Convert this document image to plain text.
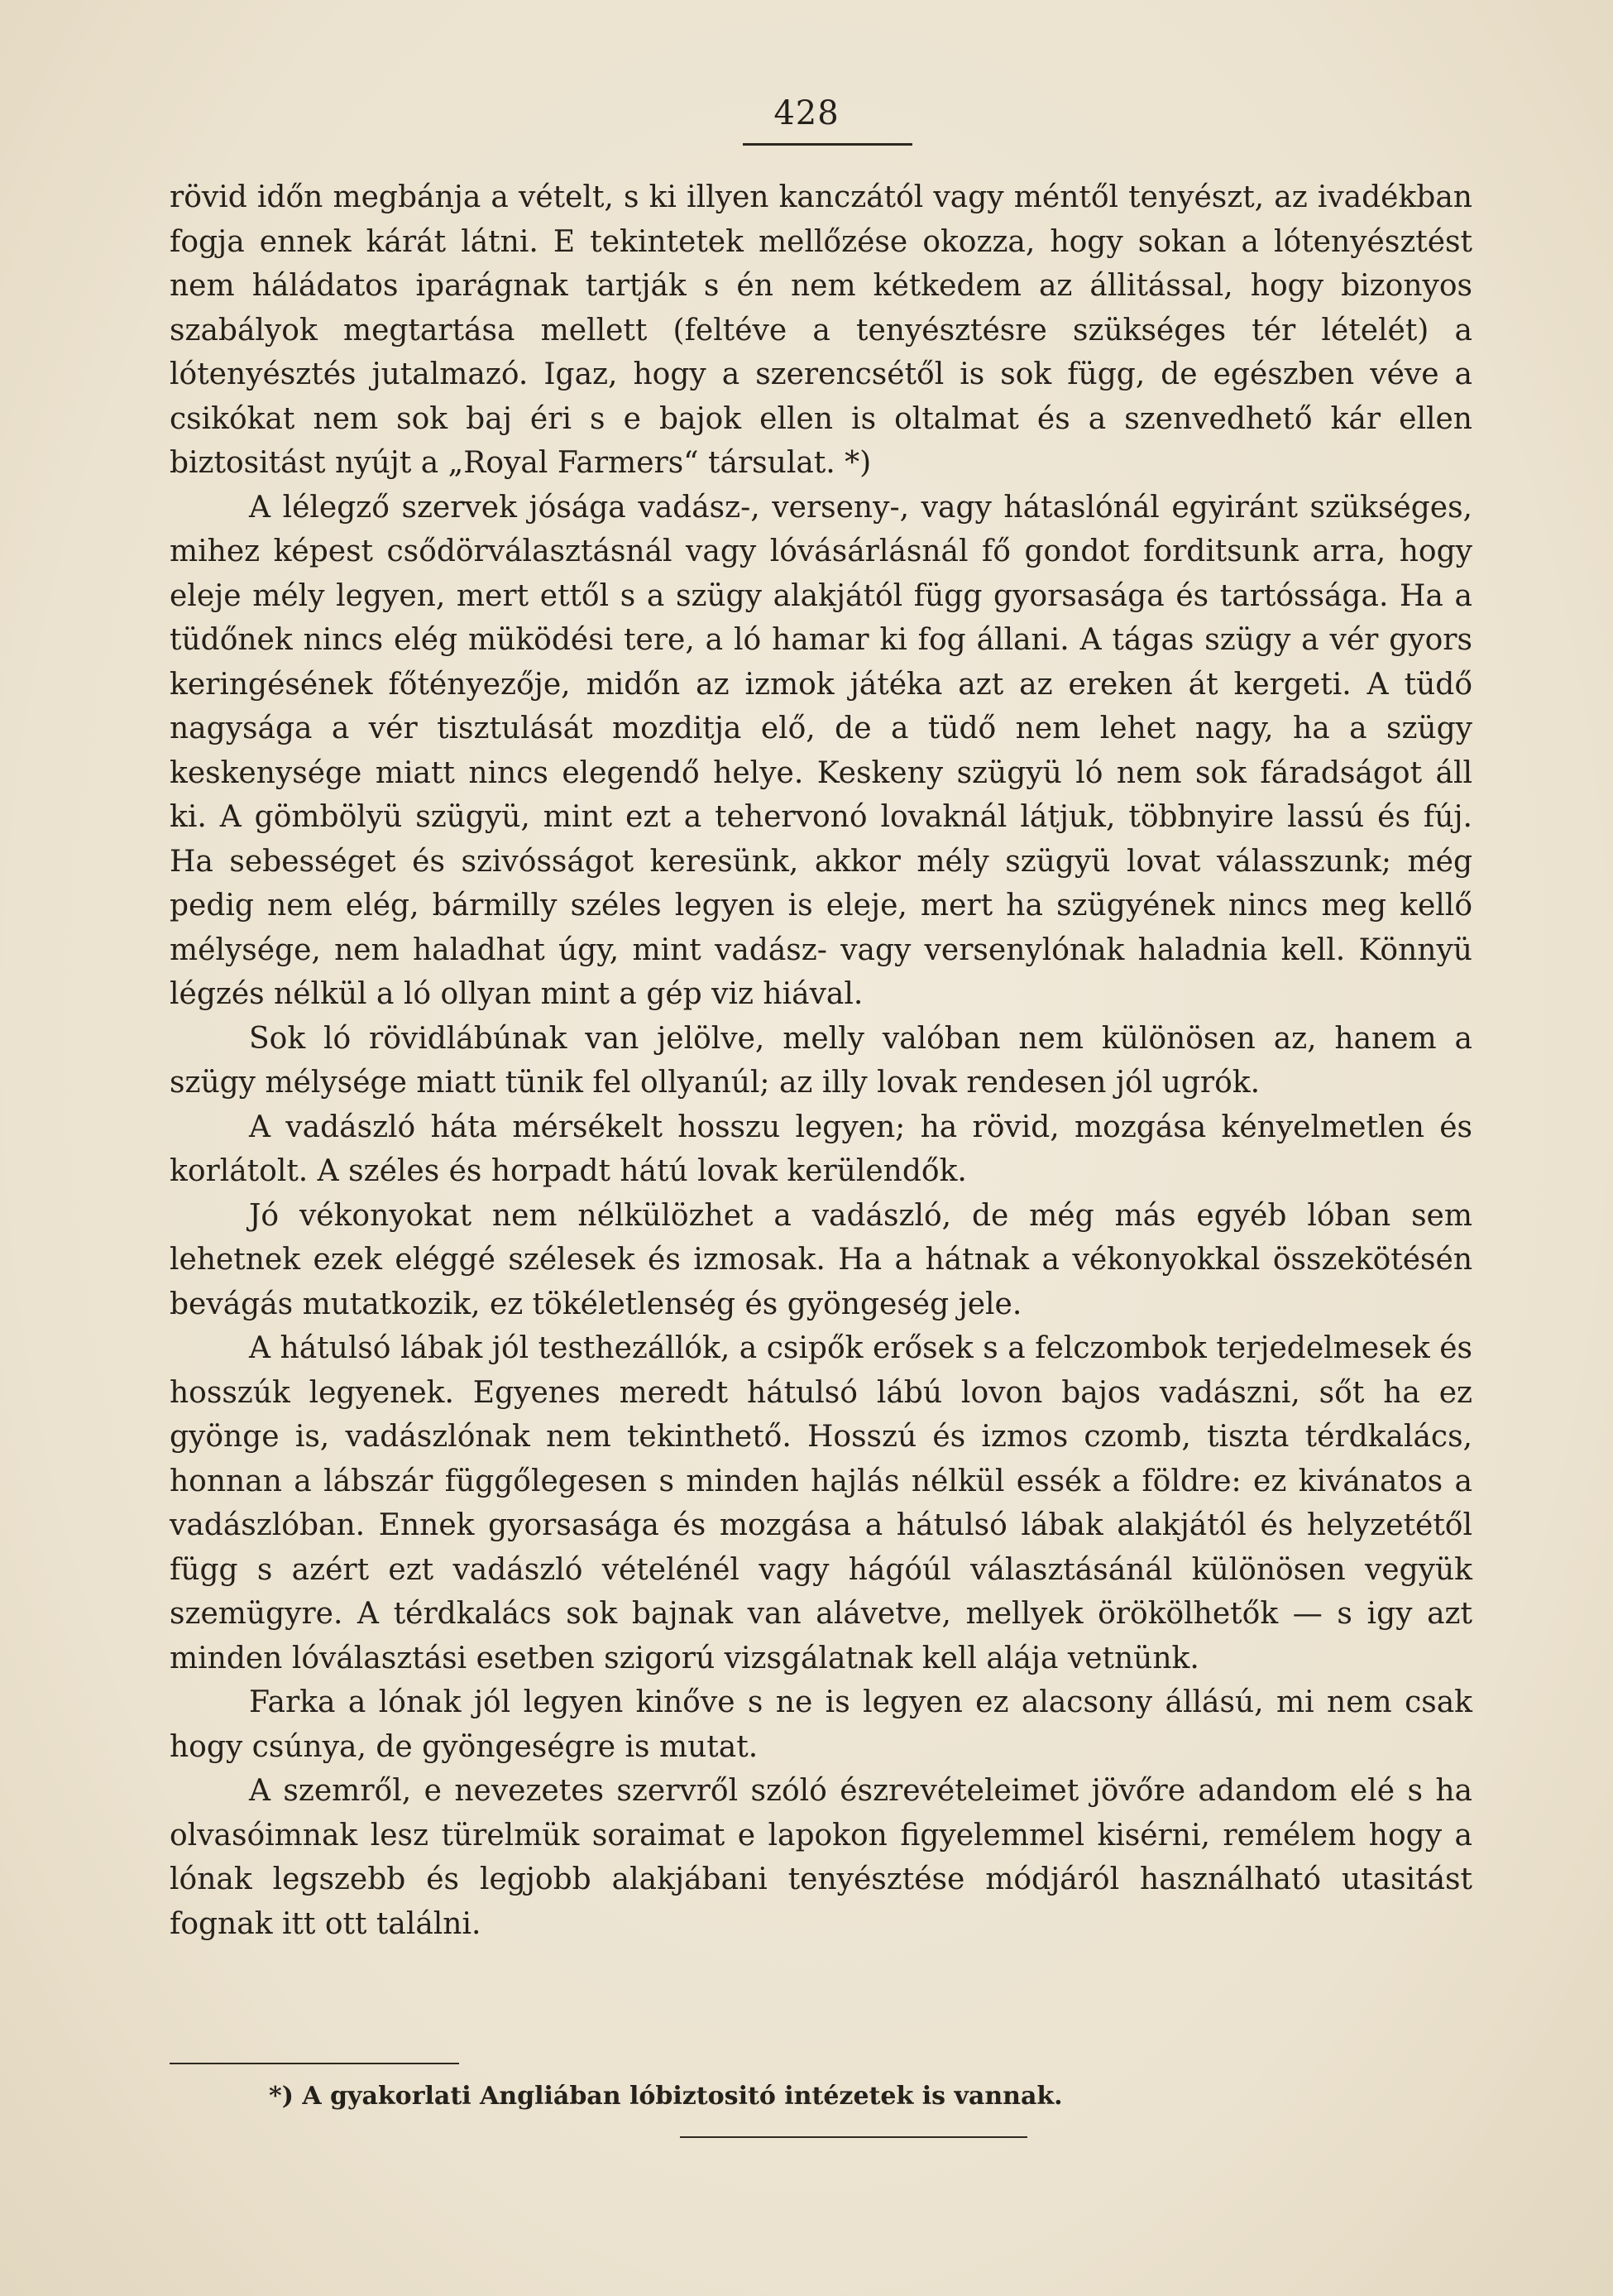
428

rövid időn megbánja a vételt, s ki illyen kanczától vagy méntől tenyészt, az ivadékban fogja ennek kárát látni. E tekintetek mellőzése okozza, hogy sokan a lótenyésztést nem háládatos iparágnak tartják s én nem kétkedem az állitással, hogy bizonyos szabályok megtartása mellett (feltéve a tenyésztésre szükséges tér lételét) a lótenyésztés jutalmazó. Igaz, hogy a szerencsétől is sok függ, de egészben véve a csikókat nem sok baj éri s e bajok ellen is oltalmat és a szenvedhető kár ellen biztositást nyújt a „Royal Farmers“ társulat. *)

A lélegző szervek jósága vadász-, verseny-, vagy hátaslónál egyiránt szükséges, mihez képest csődörválasztásnál vagy lóvásárlásnál fő gondot forditsunk arra, hogy eleje mély legyen, mert ettől s a szügy alakjától függ gyorsasága és tartóssága. Ha a tüdőnek nincs elég müködési tere, a ló hamar ki fog állani. A tágas szügy a vér gyors keringésének főtényezője, midőn az izmok játéka azt az ereken át kergeti. A tüdő nagysága a vér tisztulását mozditja elő, de a tüdő nem lehet nagy, ha a szügy keskenysége miatt nincs elegendő helye. Keskeny szügyü ló nem sok fáradságot áll ki. A gömbölyü szügyü, mint ezt a tehervonó lovaknál látjuk, többnyire lassú és fúj. Ha sebességet és szivósságot keresünk, akkor mély szügyü lovat válasszunk; még pedig nem elég, bármilly széles legyen is eleje, mert ha szügyének nincs meg kellő mélysége, nem haladhat úgy, mint vadász- vagy versenylónak haladnia kell. Könnyü légzés nélkül a ló ollyan mint a gép viz hiával.

Sok ló rövidlábúnak van jelölve, melly valóban nem különösen az, hanem a szügy mélysége miatt tünik fel ollyanúl; az illy lovak rendesen jól ugrók.

A vadászló háta mérsékelt hosszu legyen; ha rövid, mozgása kényelmetlen és korlátolt. A széles és horpadt hátú lovak kerülendők.

Jó vékonyokat nem nélkülözhet a vadászló, de még más egyéb lóban sem lehetnek ezek eléggé szélesek és izmosak. Ha a hátnak a vékonyokkal összekötésén bevágás mutatkozik, ez tökéletlenség és gyöngeség jele.

A hátulsó lábak jól testhezállók, a csipők erősek s a felczombok terjedelmesek és hosszúk legyenek. Egyenes meredt hátulsó lábú lovon bajos vadászni, sőt ha ez gyönge is, vadászlónak nem tekinthető. Hosszú és izmos czomb, tiszta térdkalács, honnan a lábszár függőlegesen s minden hajlás nélkül essék a földre: ez kivánatos a vadászlóban. Ennek gyorsasága és mozgása a hátulsó lábak alakjától és helyzetétől függ s azért ezt vadászló vételénél vagy hágóúl választásánál különösen vegyük szemügyre. A térdkalács sok bajnak van alávetve, mellyek örökölhetők — s igy azt minden lóválasztási esetben szigorú vizsgálatnak kell alája vetnünk.

Farka a lónak jól legyen kinőve s ne is legyen ez alacsony állású, mi nem csak hogy csúnya, de gyöngeségre is mutat.

A szemről, e nevezetes szervről szóló észrevételeimet jövőre adandom elé s ha olvasóimnak lesz türelmük soraimat e lapokon figyelemmel kisérni, remélem hogy a lónak legszebb és legjobb alakjábani tenyésztése módjáról használható utasitást fognak itt ott találni.

*) A gyakorlati Angliában lóbiztositó intézetek is vannak.
